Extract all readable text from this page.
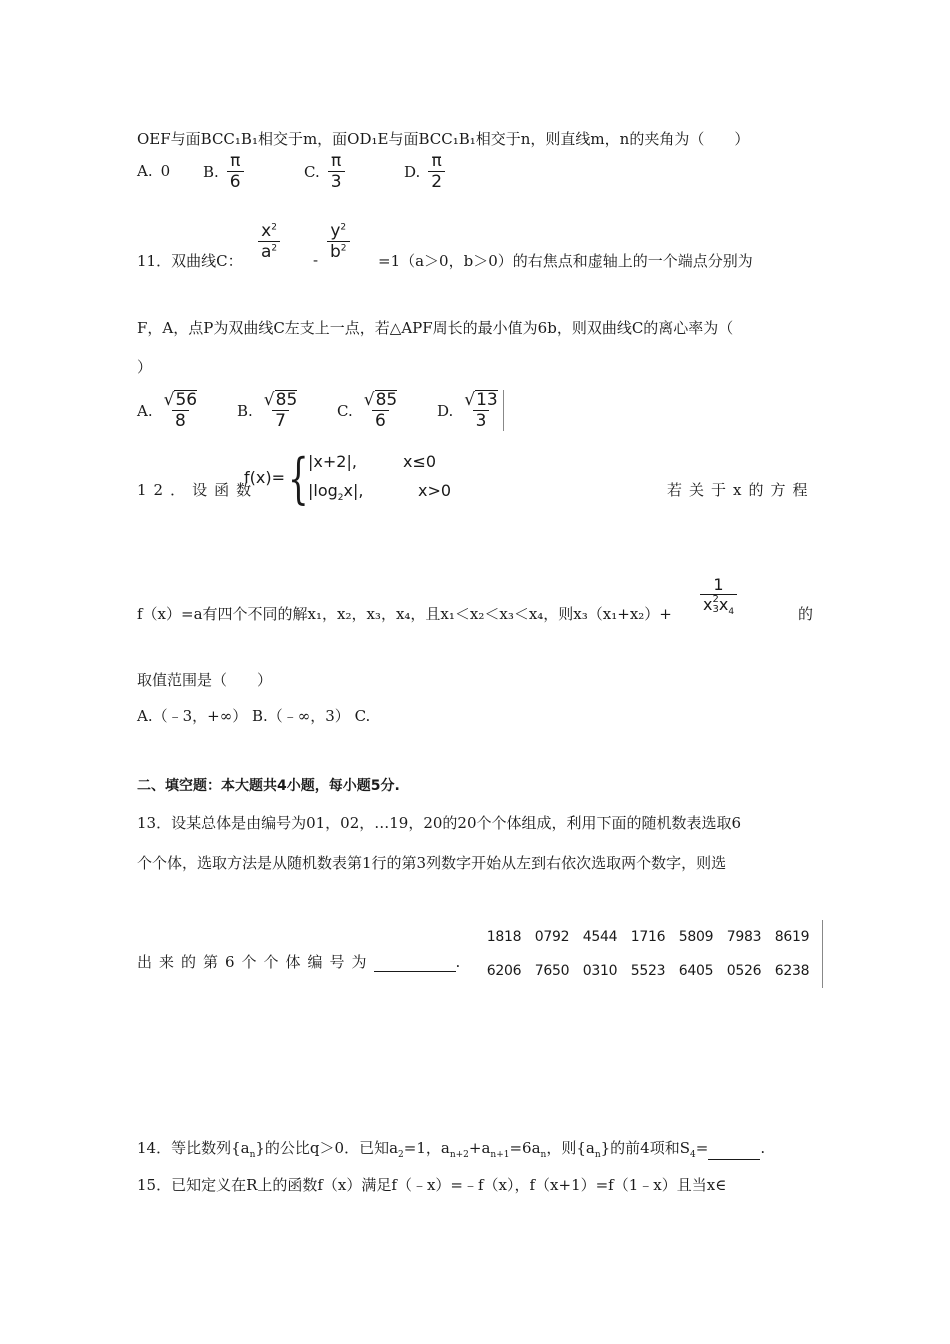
OEF与面BCC₁B₁相交于m，面OD₁E与面BCC₁B₁相交于n，则直线m，n的夹角为（　　）
A. 0 B. $\frac{\pi}{6}$	C. $\frac{\pi}{3}$	D. $\frac{\pi}{2}$
11．双曲线C： $\frac{x^2}{a^2} - \frac{y^2}{b^2} =1(a>0$，b＞0）的右焦点和虚轴上的一个端点分别为
F，A，点P为双曲线C左支上一点，若△APF周长的最小值为6b，则双曲线C的离心率为（
）
A. $\frac{√56}{8} B$. $\frac{√85}{7} C$. $\frac{√85}{6} D$. $\frac{√13}{3}$
12．设函数
f(x)= { |x+2|,	x≤0
$|\log_2x|$,	x>0	若关于x的方程
f（x）=a有四个不同的解x₁，x₂，x₃，x₄，且x₁＜x₂＜x₃＜x₄，则x₃（x₁+x₂）+ 1
x 2
3 $x_4$	的
取值范围是（　　）
A.（﹣3，+∞） B.（﹣∞，3） C.
二、填空题：本大题共4小题，每小题5分.
13．设某总体是由编号为01，02，…19，20的20个个体组成，利用下面的随机数表选取6
个个体，选取方法是从随机数表第1行的第3列数字开始从左到右依次选取两个数字，则选
出来的第6个个体编号为	.
1818 0792 4544 1716 5809 7983 8619
6206 7650 0310 5523 6405 0526 6238
14．等比数列$\{a_n\}$的公比q＞0．已知$a_2=1$，$a_{n+2}+a_{n+1}=6a_n$，则$\{a_n\}$的前4项和$S_4=$	.
15．已知定义在R上的函数f（x）满足f（﹣x）=﹣f（x），f（x+1）=f（1﹣x）且当x∈
